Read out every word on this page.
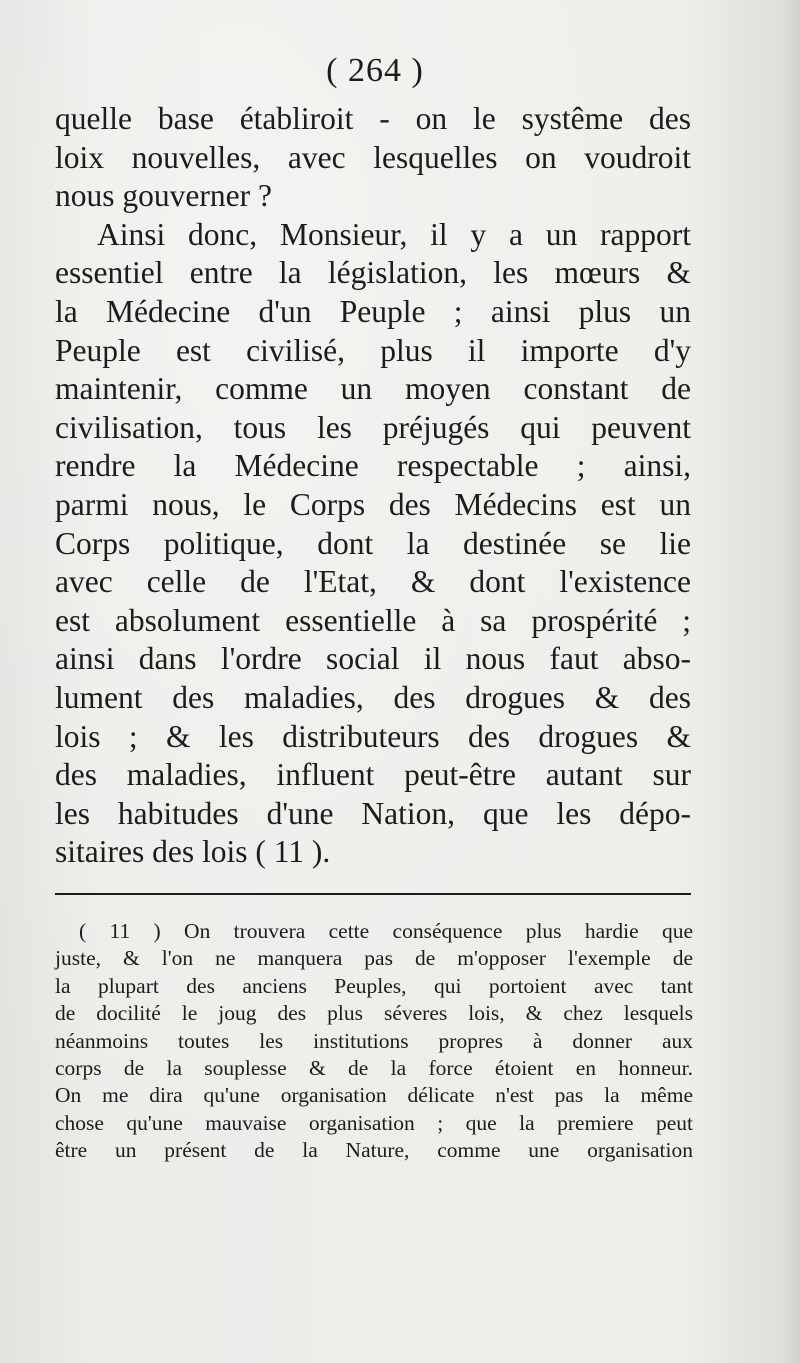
( 264 )
quelle base établiroit - on le systême des
loix nouvelles, avec lesquelles on voudroit
nous gouverner ?
Ainsi donc, Monsieur, il y a un rapport
essentiel entre la législation, les mœurs &
la Médecine d'un Peuple ; ainsi plus un
Peuple est civilisé, plus il importe d'y
maintenir, comme un moyen constant de
civilisation, tous les préjugés qui peuvent
rendre la Médecine respectable ; ainsi,
parmi nous, le Corps des Médecins est un
Corps politique, dont la destinée se lie
avec celle de l'Etat, & dont l'existence
est absolument essentielle à sa prospérité ;
ainsi dans l'ordre social il nous faut abso-
lument des maladies, des drogues & des
lois ; & les distributeurs des drogues &
des maladies, influent peut-être autant sur
les habitudes d'une Nation, que les dépo-
sitaires des lois ( 11 ).
( 11 ) On trouvera cette conséquence plus hardie que
juste, & l'on ne manquera pas de m'opposer l'exemple de
la plupart des anciens Peuples, qui portoient avec tant
de docilité le joug des plus séveres lois, & chez lesquels
néanmoins toutes les institutions propres à donner aux
corps de la souplesse & de la force étoient en honneur.
On me dira qu'une organisation délicate n'est pas la même
chose qu'une mauvaise organisation ; que la premiere peut
être un présent de la Nature, comme une organisation
